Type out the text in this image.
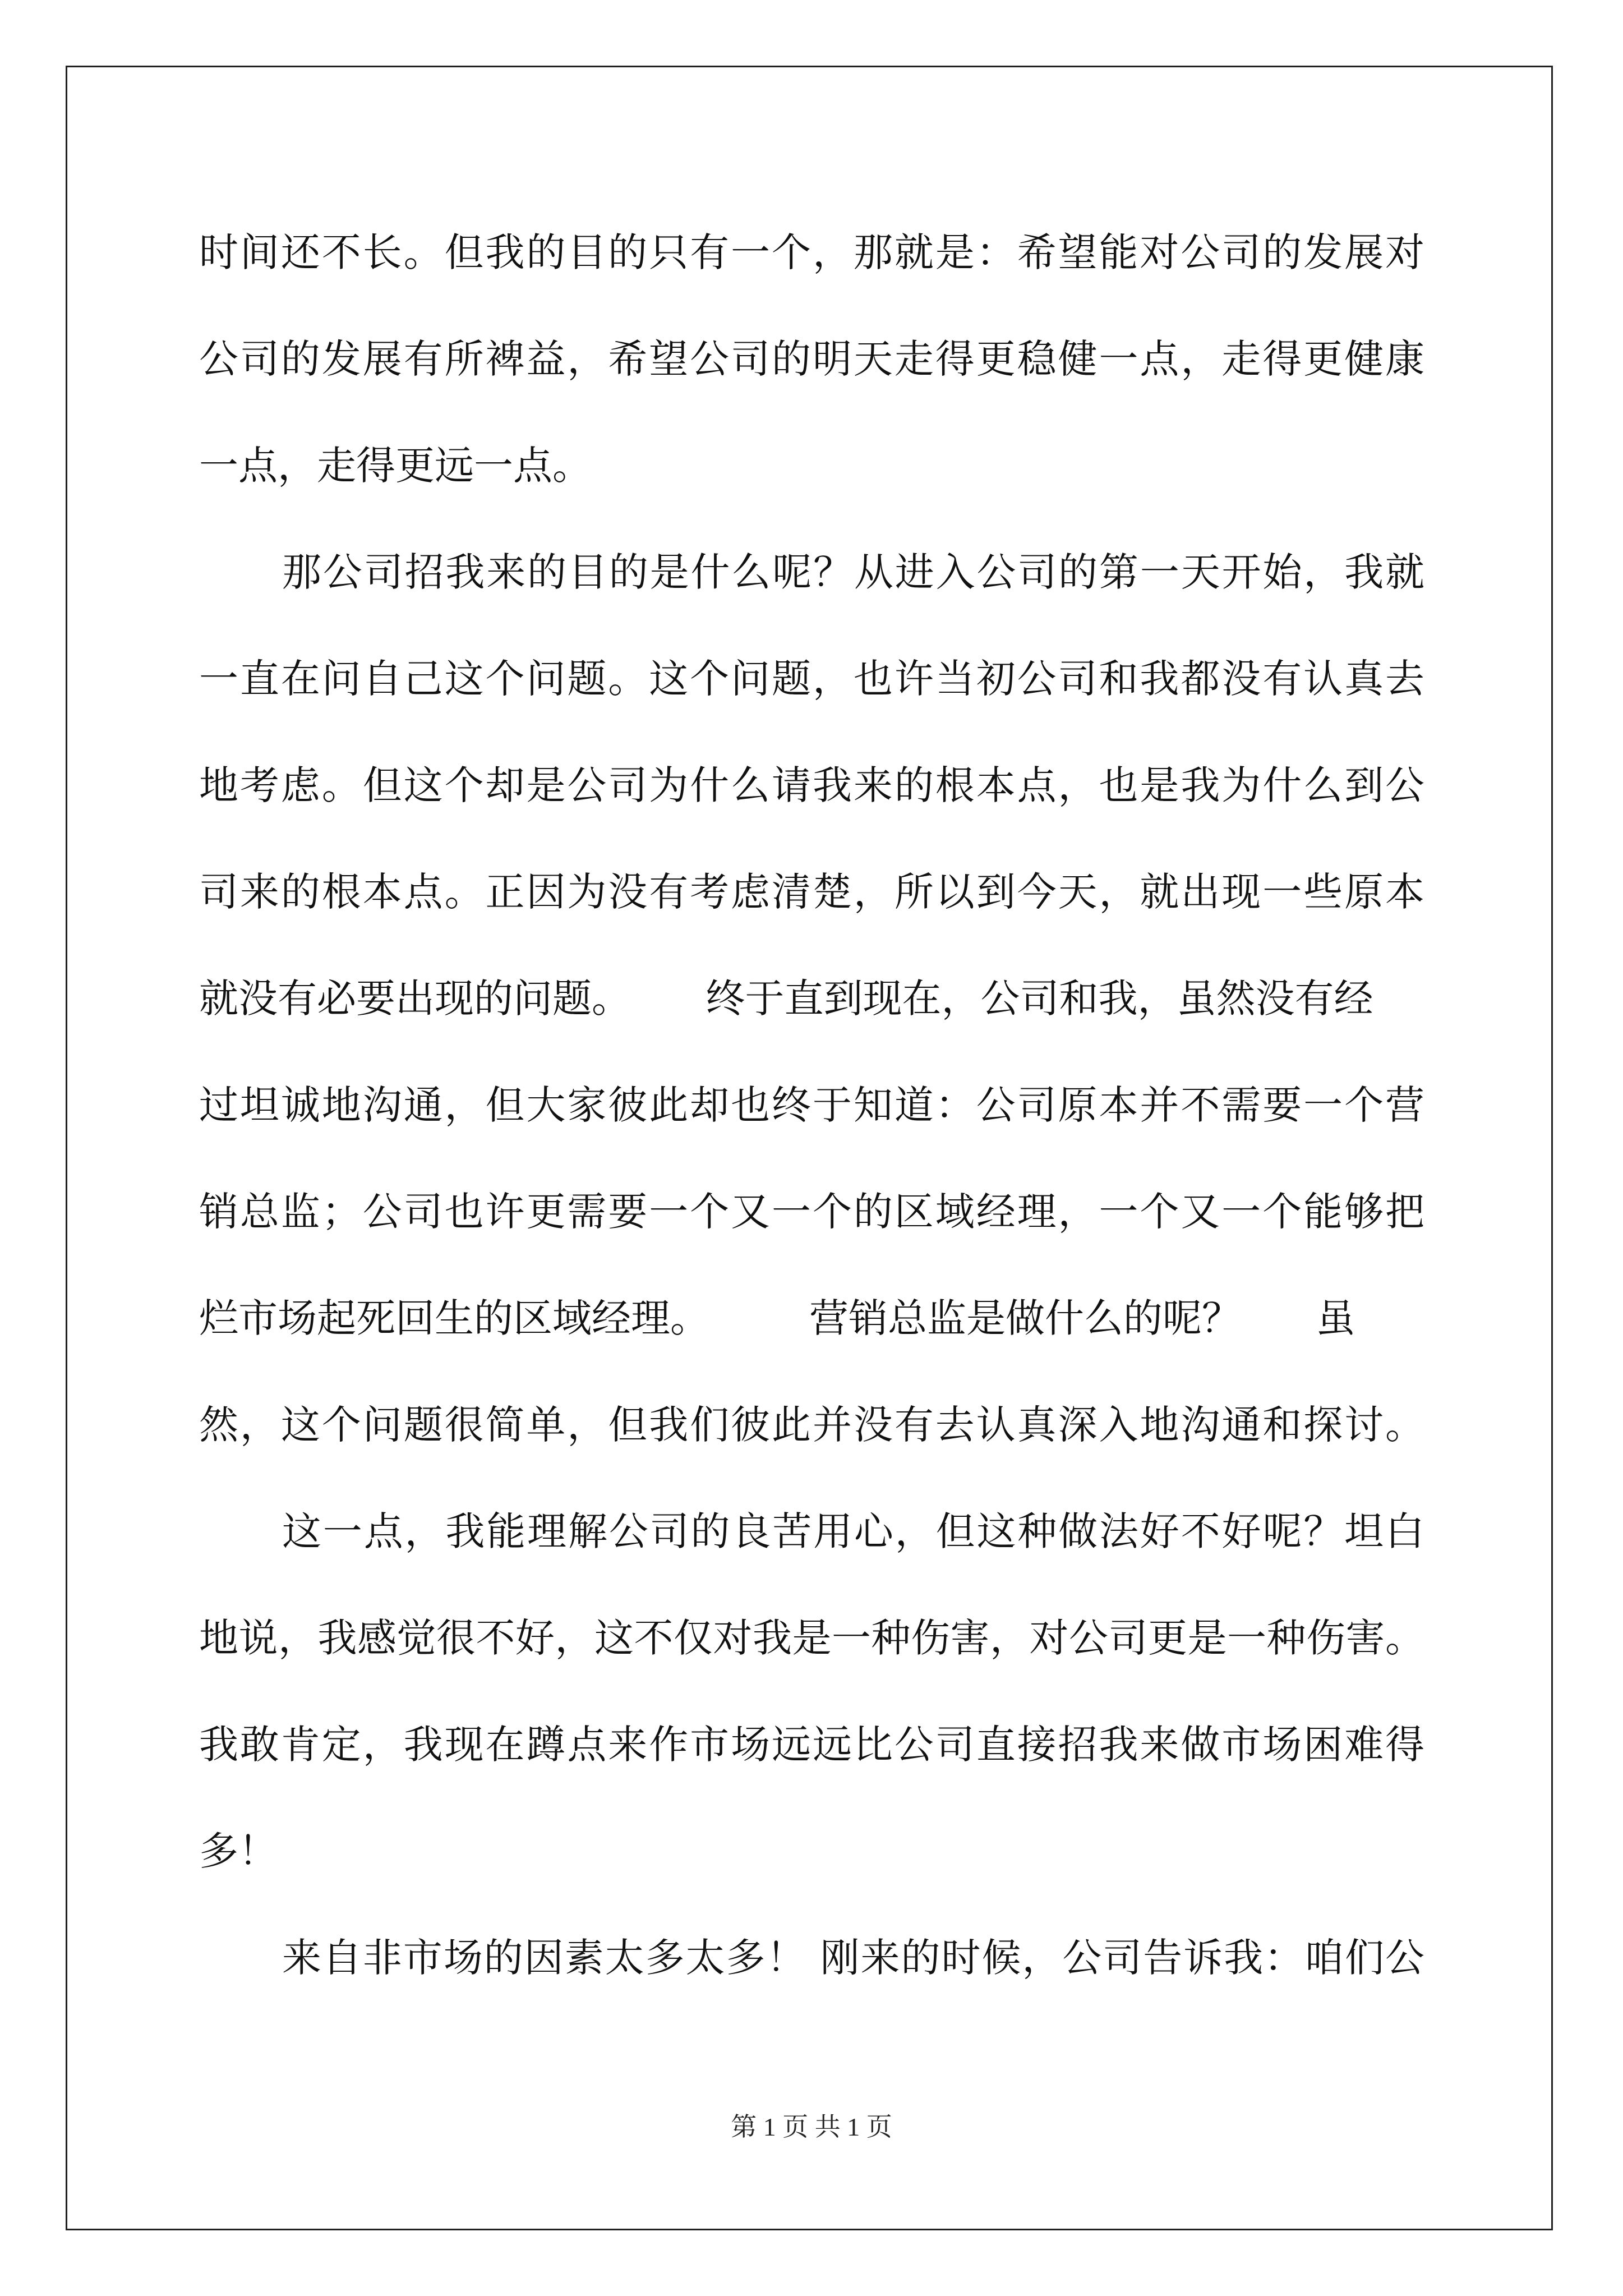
时间还不长。但我的目的只有一个，那就是：希望能对公司的发展对
公司的发展有所裨益，希望公司的明天走得更稳健一点，走得更健康
一点，走得更远一点。
那公司招我来的目的是什么呢？从进入公司的第一天开始，我就
一直在问自己这个问题。这个问题，也许当初公司和我都没有认真去
地考虑。但这个却是公司为什么请我来的根本点，也是我为什么到公
司来的根本点。正因为没有考虑清楚，所以到今天，就出现一些原本
就没有必要出现的问题。      终于直到现在，公司和我，虽然没有经
过坦诚地沟通，但大家彼此却也终于知道：公司原本并不需要一个营
销总监；公司也许更需要一个又一个的区域经理，一个又一个能够把
烂市场起死回生的区域经理。        营销总监是做什么的呢？      虽
然，这个问题很简单，但我们彼此并没有去认真深入地沟通和探讨。
这一点，我能理解公司的良苦用心，但这种做法好不好呢？坦白
地说，我感觉很不好，这不仅对我是一种伤害，对公司更是一种伤害。
我敢肯定，我现在蹲点来作市场远远比公司直接招我来做市场困难得
多！
来自非市场的因素太多太多！ 刚来的时候，公司告诉我：咱们公
第 1 页 共 1 页
